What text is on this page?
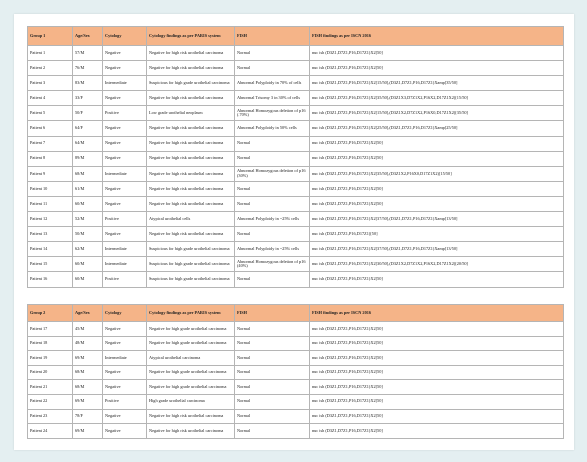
Group 1	Age/Sex	Cytology	Cytology findings as per PARIS system	FISH	FISH findings as per ISCN 2016
Patient 1	57/M	Negative	Negative for high risk urothelial carcinoma	Normal	nuc ish (D3Z1,D7Z1,P16,D17Z1)X2[50]
Patient 2	76/M	Negative	Negative for high risk urothelial carcinoma	Normal	nuc ish (D3Z1,D7Z1,P16,D17Z1)X2[50]
Patient 3	83/M	Intermediate	Suspicious for high grade urothelial carcinoma	Abnormal Polyploidy in 70% of cells	nuc ish (D3Z1,D7Z1,P16,D17Z1)X2[15/50],(D3Z1,D7Z1,P16,D17Z1)Xamp[35/50]
Patient 4	33/F	Negative	Negative for high risk urothelial carcinoma	Abnormal Trisomy 3 in 30% of cells	nuc ish (D3Z1,D7Z1,P16,D17Z1)X2[35/50],(D3Z1X3,D7Z1X2,P16X2,D17Z1X2)[15/50]
Patient 5	50/F	Positive	Low grade urothelial neoplasm	Abnormal Homozygous deletion of p16 (.70%)	nuc ish (D3Z1,D7Z1,P16,D17Z1)X2[15/50],(D3Z1X2,D7Z1X2,P16X0,D17Z1X2)[35/50]
Patient 6	64/F	Negative	Negative for high risk urothelial carcinoma	Abnormal Polyploidy in 50% cells	nuc ish (D3Z1,D7Z1,P16,D17Z1)X2[25/50],(D3Z1,D7Z1,P16,D17Z1)Xamp[25/50]
Patient 7	64/M	Negative	Negative for high risk urothelial carcinoma	Normal	nuc ish (D3Z1,D7Z1,P16,D17Z1)X2[50]
Patient 8	89/M	Negative	Negative for high risk urothelial carcinoma	Normal	nuc ish (D3Z1,D7Z1,P16,D17Z1)X2[50]
Patient 9	68/M	Intermediate	Negative for high risk urothelial carcinoma	Abnormal Homozygous deletion of p16 (30%)	nuc ish (D3Z1,D7Z1,P16,D17Z1)X2[35/50],(D3Z1X2,P16X0,D17Z1X2)[15/50]
Patient 10	61/M	Negative	Negative for high risk urothelial carcinoma	Normal	nuc ish (D3Z1,D7Z1,P16,D17Z1)X2[50]
Patient 11	60/M	Negative	Negative for high risk urothelial carcinoma	Normal	nuc ish (D3Z1,D7Z1,P16,D17Z1)X2[50]
Patient 12	52/M	Positive	Atypical urothelial cells	Abnormal Polyploidy in ~25% cells	nuc ish (D3Z1,D7Z1,P16,D17Z1)X2[37/50],(D3Z1,D7Z1,P16,D17Z1)Xamp[13/50]
Patient 13	50/M	Negative	Negative for high risk urothelial carcinoma	Normal	nuc ish (D3Z1,D7Z1,P16,D17Z1)[50]
Patient 14	62/M	Intermediate	Suspicious for high grade urothelial carcinoma	Abnormal Polyploidy in ~25% cells	nuc ish (D3Z1,D7Z1,P16,D17Z1)X2[37/50],(D3Z1,D7Z1,P16,D17Z1)Xamp[13/50]
Patient 15	60/M	Intermediate	Suspicious for high grade urothelial carcinoma	Abnormal Homozygous deletion of p16 (40%)	nuc ish (D3Z1,D7Z1,P16,D17Z1)X2[30/50],(D3Z1X2,D7Z1X2,P16X2,D17Z1X2)[20/50]
Patient 16	60/M	Positive	Suspicious for high grade urothelial carcinoma	Normal	nuc ish (D3Z1,D7Z1,P16,D17Z1)X2[50]
Group 2	Age/Sex	Cytology	Cytology findings as per PARIS system	FISH	FISH findings as per ISCN 2016
Patient 17	45/M	Negative	Negative for high grade urothelial carcinoma	Normal	nuc ish (D3Z1,D7Z1,P16,D17Z1)X2[50]
Patient 18	48/M	Negative	Negative for high grade urothelial carcinoma	Normal	nuc ish (D3Z1,D7Z1,P16,D17Z1)X2[50]
Patient 19	69/M	Intermediate	Atypical urothelial carcinoma	Normal	nuc ish (D3Z1,D7Z1,P16,D17Z1)X2[50]
Patient 20	68/M	Negative	Negative for high grade urothelial carcinoma	Normal	nuc ish (D3Z1,D7Z1,P16,D17Z1)X2[50]
Patient 21	68/M	Negative	Negative for high grade urothelial carcinoma	Normal	nuc ish (D3Z1,D7Z1,P16,D17Z1)X2[50]
Patient 22	69/M	Positive	High grade urothelial carcinoma	Normal	nuc ish (D3Z1,D7Z1,P16,D17Z1)X2[50]
Patient 23	78/F	Negative	Negative for high risk urothelial carcinoma	Normal	nuc ish (D3Z1,D7Z1,P16,D17Z1)X2[50]
Patient 24	69/M	Negative	Negative for high risk urothelial carcinoma	Normal	nuc ish (D3Z1,D7Z1,P16,D17Z1)X2[50]
